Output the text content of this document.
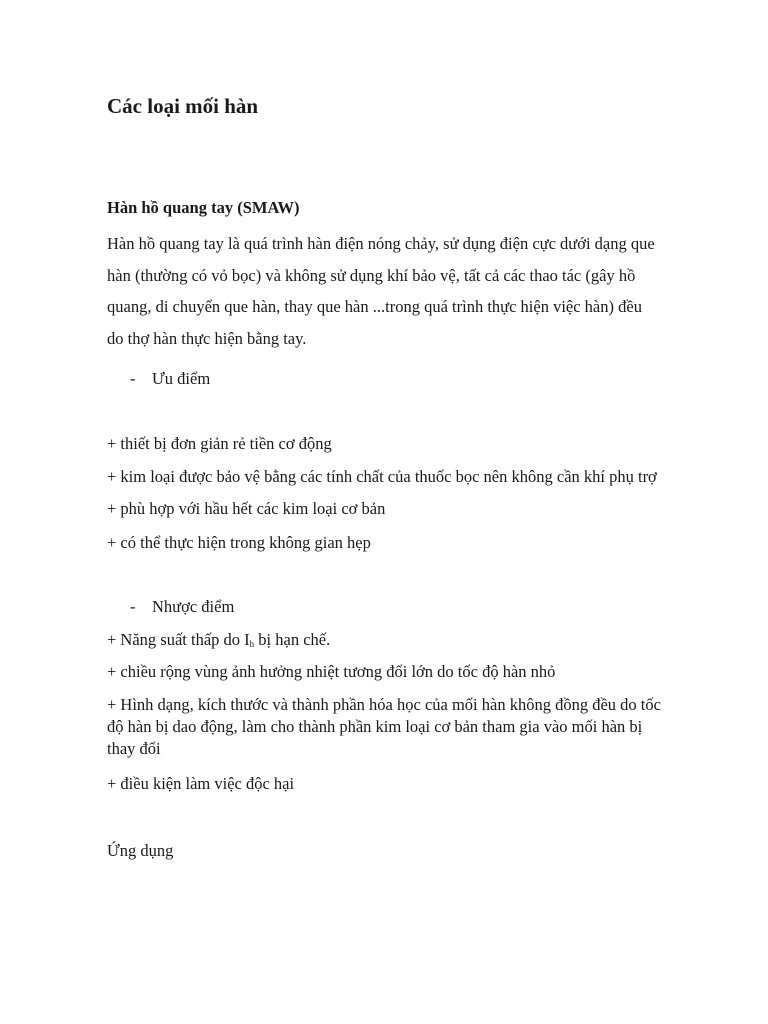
Các loại mối hàn
Hàn hồ quang tay (SMAW)

Hàn hồ quang tay là quá trình hàn điện nóng chảy, sử dụng điện cực dưới dạng que
hàn (thường có vỏ bọc) và không sử dụng khí bảo vệ, tất cả các thao tác (gây hồ
quang, di chuyển que hàn, thay que hàn ...trong quá trình thực hiện việc hàn) đều
do thợ hàn thực hiện bằng tay.

- Ưu điểm

+ thiết bị đơn giản rẻ tiền cơ động

+ kim loại được bảo vệ bằng các tính chất của thuốc bọc nên không cần khí phụ trợ

+ phù hợp với hầu hết các kim loại cơ bản

+ có thể thực hiện trong không gian hẹp

- Nhược điểm

+ Năng suất thấp do $I_h$ bị hạn chế.

+ chiều rộng vùng ảnh hưởng nhiệt tương đối lớn do tốc độ hàn nhỏ

+ Hình dạng, kích thước và thành phần hóa học của mối hàn không đồng đều do tốc
độ hàn bị dao động, làm cho thành phần kim loại cơ bản tham gia vào mối hàn bị
thay đổi

+ điều kiện làm việc độc hại

Ứng dụng
